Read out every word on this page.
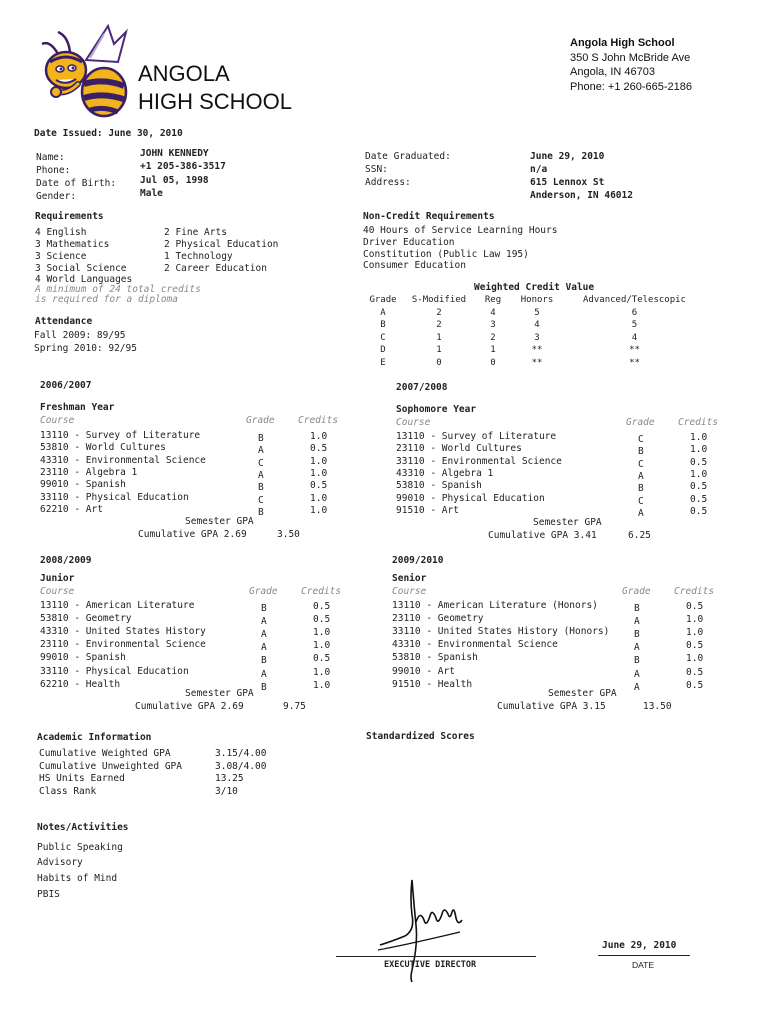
ANGOLA
HIGH SCHOOL
Angola High School
350 S John McBride Ave
Angola, IN 46703
Phone: +1 260-665-2186
Date Issued: June 30, 2010
Name:	JOHN KENNEDY
Phone:	+1 205-386-3517
Date of Birth:	Jul 05, 1998
Gender:	Male
Date Graduated:	June 29, 2010
SSN:	n/a
Address:	615 Lennox St
Anderson, IN 46012
Requirements
4 English
3 Mathematics
3 Science
3 Social Science
4 World Languages
2 Fine Arts
2 Physical Education
1 Technology
2 Career Education
A minimum of 24 total credits
is required for a diploma
Non-Credit Requirements
40 Hours of Service Learning Hours
Driver Education
Constitution (Public Law 195)
Consumer Education
Attendance
Fall 2009: 89/95
Spring 2010: 92/95
Weighted Credit Value
Grade	S-Modified	Reg	Honors	Advanced/Telescopic
A	2	4	5	6
B	2	3	4	5
C	1	2	3	4
D	1	1	**	**
E	0	0	**	**
2006/2007
Freshman Year
Course	Grade Credits
13110 - Survey of Literature	B	1.0
53810 - World Cultures	A	0.5
43310 - Environmental Science	C	1.0
23110 - Algebra 1	A	1.0
99010 - Spanish	B	0.5
33110 - Physical Education	C	1.0
62210 - Art	B	1.0
Semester GPA
Cumulative GPA 2.69	3.50
2007/2008
Sophomore Year
Course	Grade Credits
13110 - Survey of Literature	C	1.0
23110 - World Cultures	B	1.0
33110 - Environmental Science	C	0.5
43310 - Algebra 1	A	1.0
53810 - Spanish	B	0.5
99010 - Physical Education	C	0.5
91510 - Art	A	0.5
Semester GPA
Cumulative GPA 3.41	6.25
2008/2009
Junior
Course	Grade Credits
13110 - American Literature	B	0.5
53810 - Geometry	A	0.5
43310 - United States History	A	1.0
23110 - Environmental Science	A	1.0
99010 - Spanish	B	0.5
33110 - Physical Education	A	1.0
62210 - Health	B	1.0
Semester GPA
Cumulative GPA 2.69	9.75
2009/2010
Senior
Course	Grade Credits
13110 - American Literature (Honors)	B	0.5
23110 - Geometry	A	1.0
33110 - United States History (Honors)	B	1.0
43310 - Environmental Science	A	0.5
53810 - Spanish	B	1.0
99010 - Art	A	0.5
91510 - Health	A	0.5
Semester GPA
Cumulative GPA 3.15	13.50
Academic Information
Cumulative Weighted GPA	3.15/4.00
Cumulative Unweighted GPA	3.08/4.00
HS Units Earned	13.25
Class Rank	3/10
Standardized Scores
Notes/Activities
Public Speaking
Advisory
Habits of Mind
PBIS
EXECUTIVE DIRECTOR
June 29, 2010
DATE
